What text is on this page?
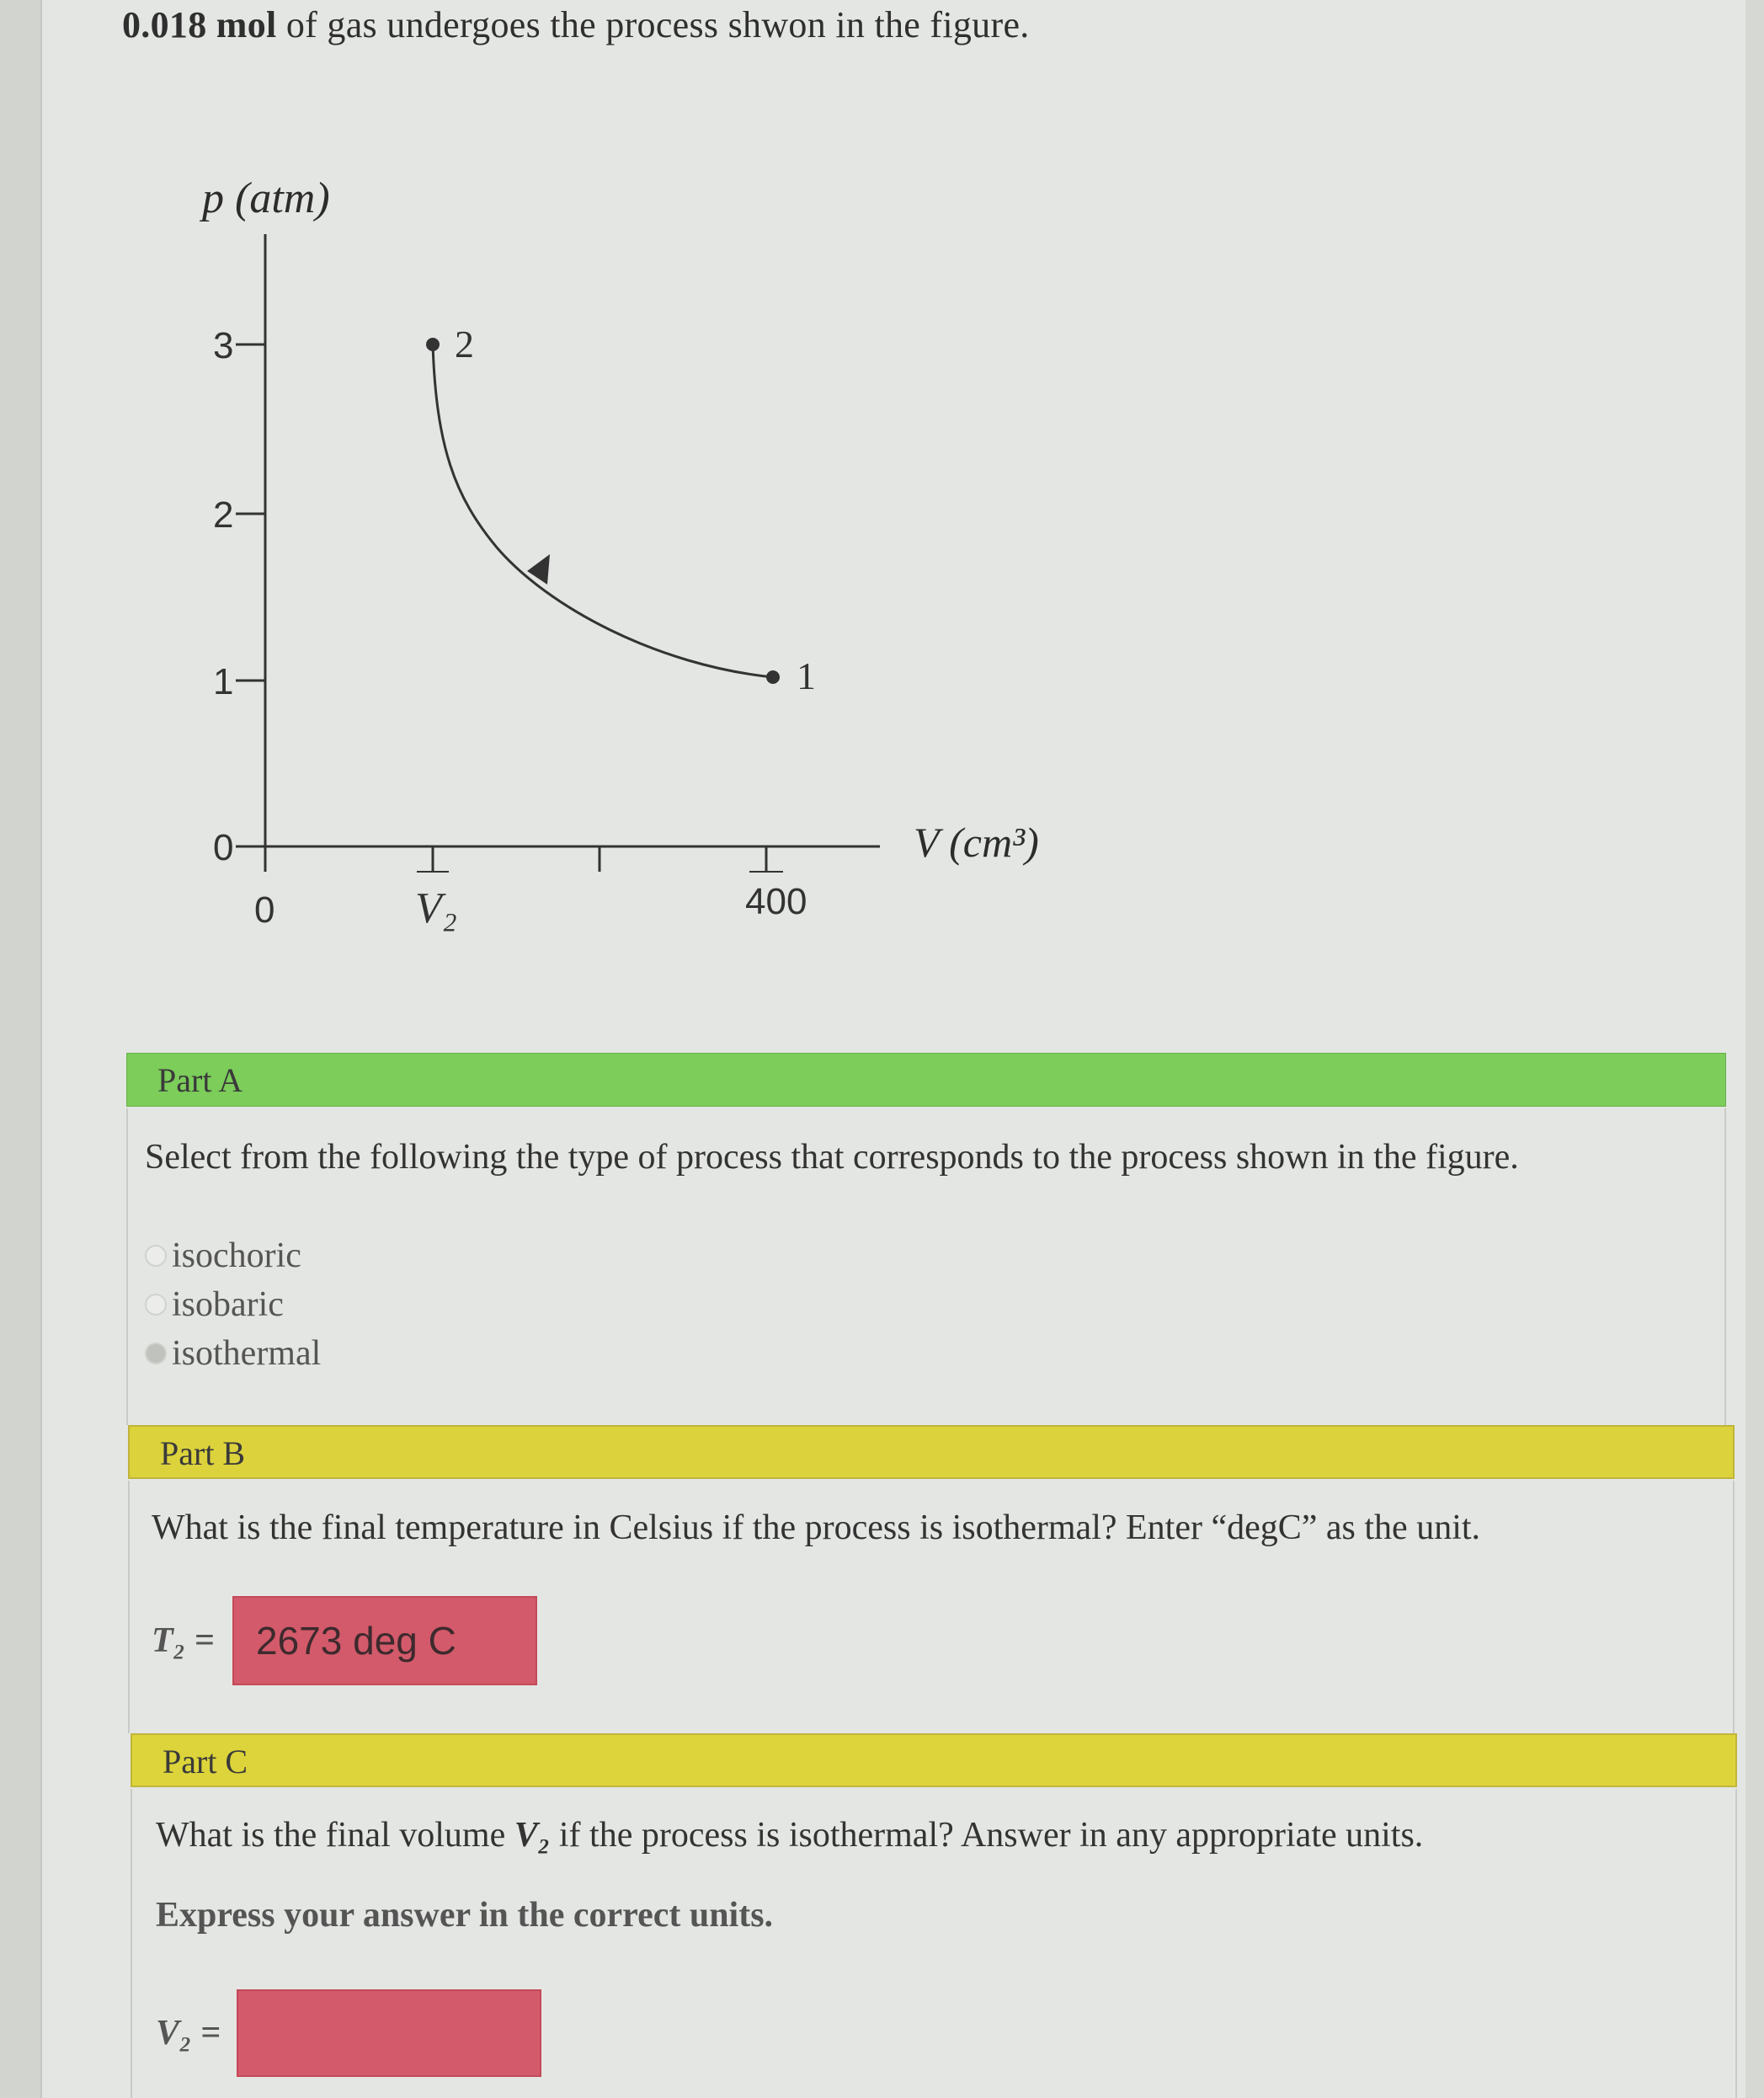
0.018 mol of gas undergoes the process shwon in the figure.
p (atm)
3
2
1
0
0	V₂	400
V (cm³)
2
1
Part A
Select from the following the type of process that corresponds to the process shown in the figure.
isochoric
isobaric
isothermal
Part B
What is the final temperature in Celsius if the process is isothermal? Enter “degC” as the unit.
T₂ =	2673 deg C
Part C
What is the final volume V₂ if the process is isothermal? Answer in any appropriate units.
Express your answer in the correct units.
V₂ =
